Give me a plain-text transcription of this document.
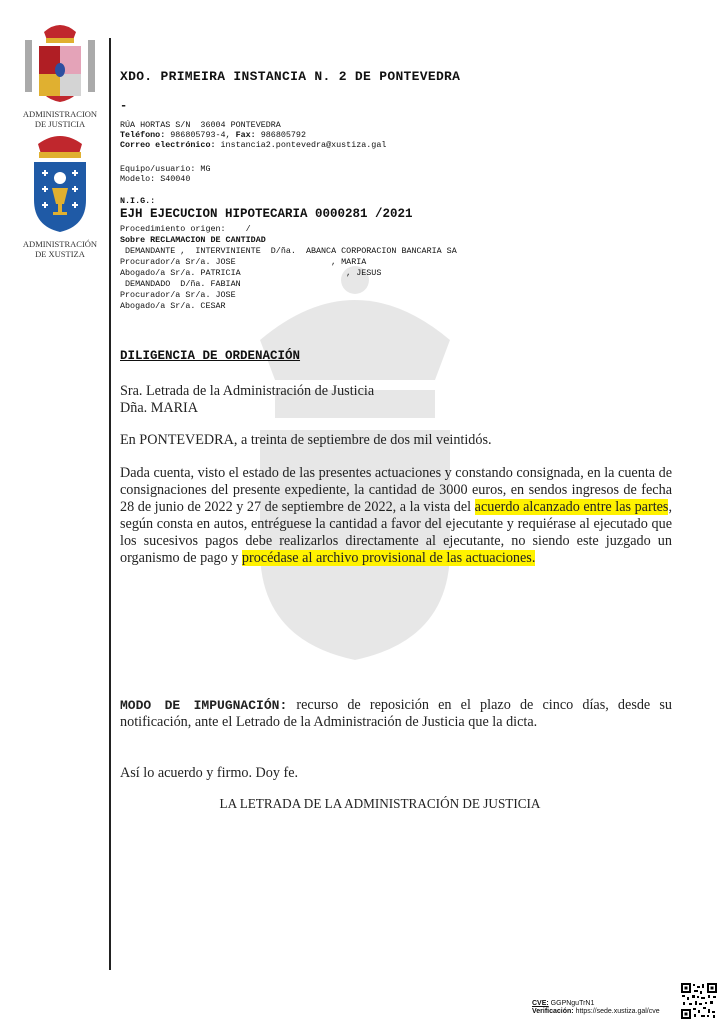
ADMINISTRACION
DE JUSTICIA
ADMINISTRACIÓN
DE XUSTIZA
XDO. PRIMEIRA INSTANCIA N. 2 DE PONTEVEDRA
-
RÚA HORTAS S/N  36004 PONTEVEDRA
Teléfono: 986805793-4, Fax: 986805792
Correo electrónico: instancia2.pontevedra@xustiza.gal
Equipo/usuario: MG
Modelo: S40040
N.I.G.:
EJH EJECUCION HIPOTECARIA 0000281 /2021
Procedimiento origen:    /
Sobre RECLAMACION DE CANTIDAD
DEMANDANTE ,  INTERVINIENTE  D/ña.  ABANCA CORPORACION BANCARIA SA
Procurador/a Sr/a. JOSE                   , MARIA
Abogado/a Sr/a. PATRICIA                     , JESUS
DEMANDADO  D/ña. FABIAN
Procurador/a Sr/a. JOSE
Abogado/a Sr/a. CESAR
DILIGENCIA DE ORDENACIÓN
Sra. Letrada de la Administración de Justicia
Dña. MARIA
En PONTEVEDRA, a treinta de septiembre de dos mil veintidós.
Dada cuenta, visto el estado de las presentes actuaciones y constando consignada, en la cuenta de consignaciones del presente expediente, la cantidad de 3000 euros, en sendos ingresos de fecha 28 de junio de 2022 y 27 de septiembre de 2022, a la vista del acuerdo alcanzado entre las partes, según consta en autos, entréguese la cantidad a favor del ejecutante y requiérase al ejecutado que los sucesivos pagos debe realizarlos directamente al ejecutante, no siendo este juzgado un organismo de pago y procédase al archivo provisional de las actuaciones.
MODO DE IMPUGNACIÓN: recurso de reposición en el plazo de cinco días, desde su notificación, ante el Letrado de la Administración de Justicia que la dicta.
Así lo acuerdo y firmo. Doy fe.
LA LETRADA DE LA ADMINISTRACIÓN DE JUSTICIA
CVE: GGPNguTrN1
Verificación: https://sede.xustiza.gal/cve
